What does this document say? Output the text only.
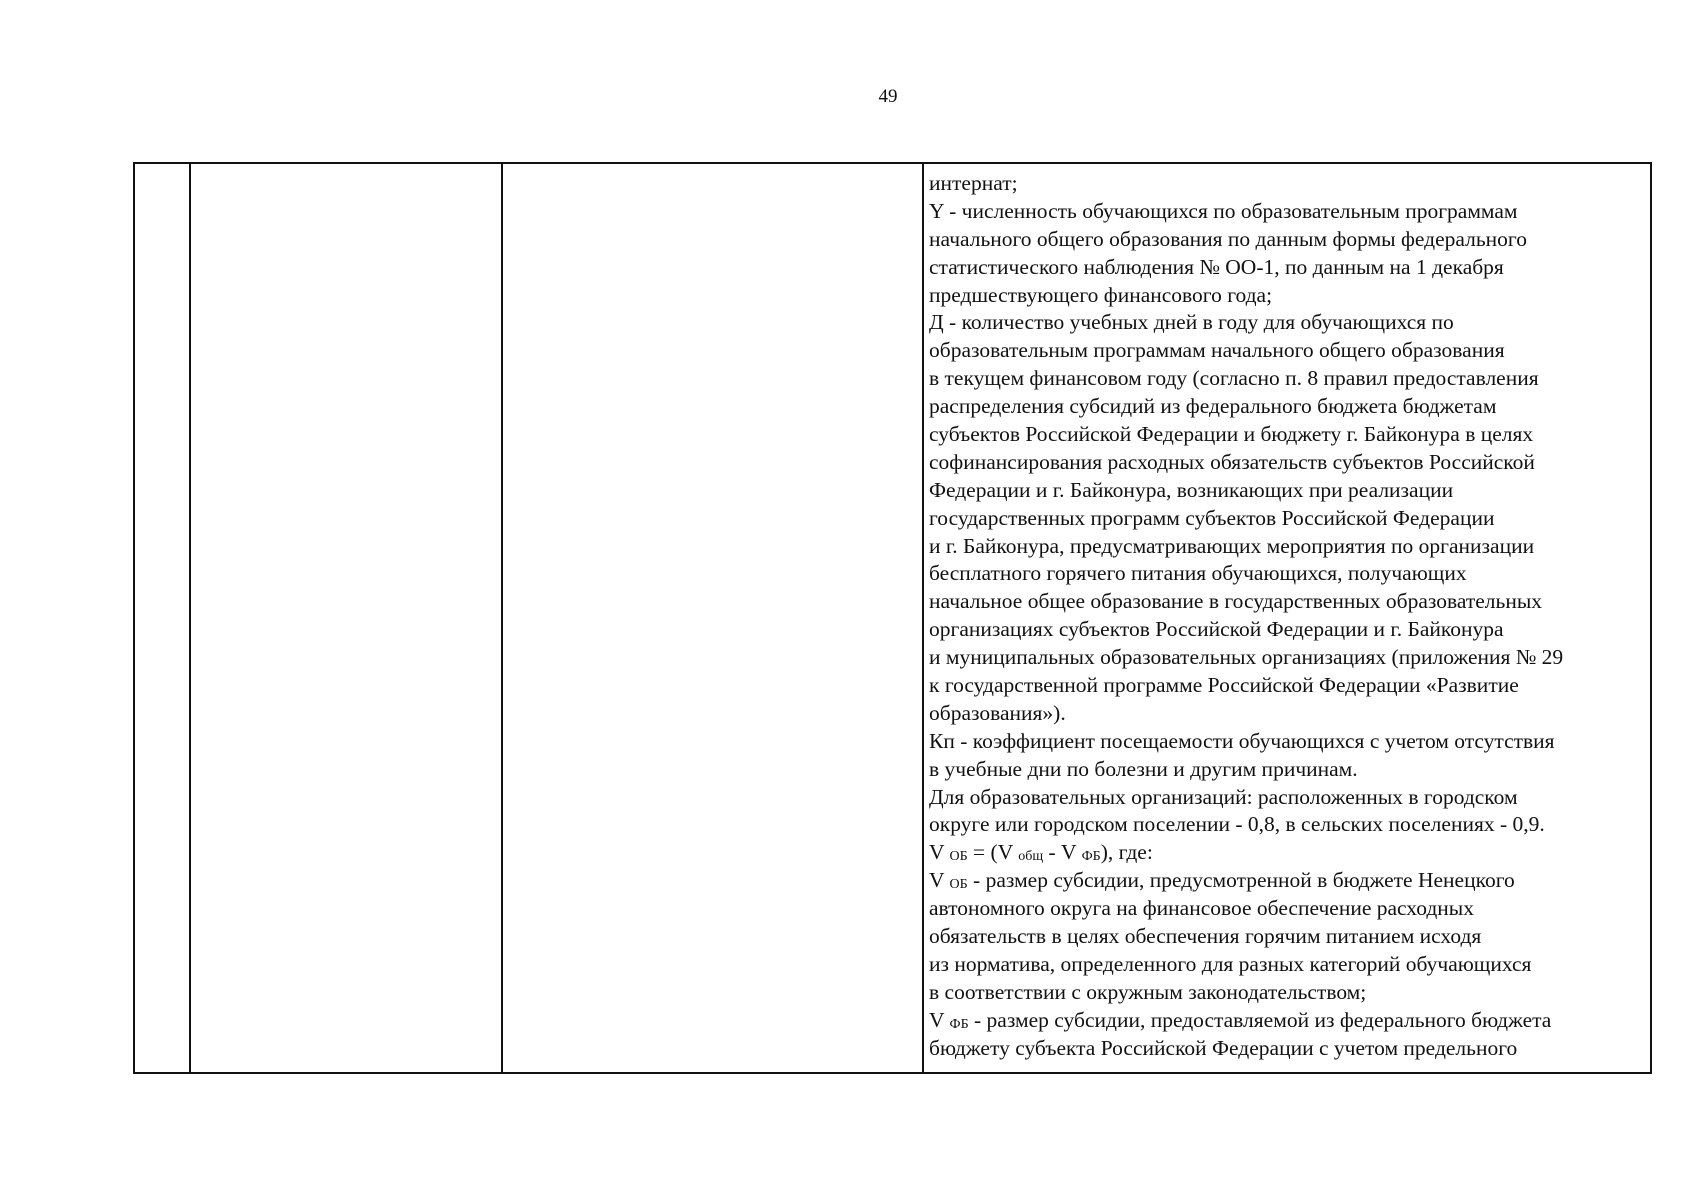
49
интернат;
Y - численность обучающихся по образовательным программам
начального общего образования по данным формы федерального
статистического наблюдения № ОО-1, по данным на 1 декабря
предшествующего финансового года;
Д - количество учебных дней в году для обучающихся по
образовательным программам начального общего образования
в текущем финансовом году (согласно п. 8 правил предоставления
распределения субсидий из федерального бюджета бюджетам
субъектов Российской Федерации и бюджету г. Байконура в целях
софинансирования расходных обязательств субъектов Российской
Федерации и г. Байконура, возникающих при реализации
государственных программ субъектов Российской Федерации
и г. Байконура, предусматривающих мероприятия по организации
бесплатного горячего питания обучающихся, получающих
начальное общее образование в государственных образовательных
организациях субъектов Российской Федерации и г. Байконура
и муниципальных образовательных организациях (приложения № 29
к государственной программе Российской Федерации «Развитие
образования»).
Кп - коэффициент посещаемости обучающихся с учетом отсутствия
в учебные дни по болезни и другим причинам.
Для образовательных организаций: расположенных в городском
округе или городском поселении - 0,8, в сельских поселениях - 0,9.
V ОБ = (V общ - V ФБ), где:
V ОБ - размер субсидии, предусмотренной в бюджете Ненецкого
автономного округа на финансовое обеспечение расходных
обязательств в целях обеспечения горячим питанием исходя
из норматива, определенного для разных категорий обучающихся
в соответствии с окружным законодательством;
V ФБ - размер субсидии, предоставляемой из федерального бюджета
бюджету субъекта Российской Федерации с учетом предельного
